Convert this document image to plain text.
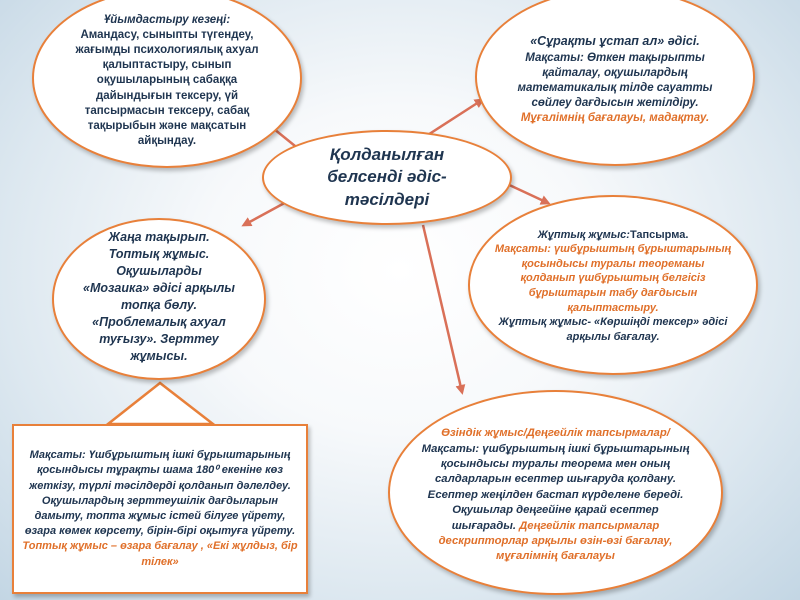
Ұйымдастыру кезеңі:
Амандасу, сыныпты түгендеу, жағымды психологиялық ахуал қалыптастыру, сынып оқушыларының сабаққа дайындығын тексеру, үй тапсырмасын тексеру, сабақ тақырыбын және мақсатын айқындау.
«Сұрақты ұстап ал» әдісі.
Мақсаты: Өткен тақырыпты қайталау, оқушылардың математикалық тілде сауатты сөйлеу дағдысын жетілдіру.
Мұғалімнің бағалауы, мадақтау.
Қолданылған
белсенді әдіс-
тәсілдері
Жаңа тақырып. Топтық жұмыс. Оқушыларды «Мозаика» әдісі арқылы топқа бөлу. «Проблемалық ахуал туғызу». Зерттеу жұмысы.
Жұптық жұмыс:Тапсырма.
Мақсаты: үшбұрыштың бұрыштарының қосындысы туралы теореманы қолданып үшбұрыштың белгісіз бұрыштарын табу дағдысын қалыптастыру.
Жұптық жұмыс- «Көршіңді тексер» әдісі арқылы бағалау.
Мақсаты: Үшбұрыштың ішкі бұрыштарының қосындысы тұрақты шама 180⁰ екеніне көз жеткізу, түрлі тәсілдерді қолданып дәлелдеу. Оқушылардың зерттеушілік дағдыларын дамыту, топта жұмыс істей білуге үйрету, өзара көмек көрсету, бірін-бірі оқытуға үйрету.
Топтық жұмыс – өзара бағалау , «Екі жұлдыз, бір тілек»
Өзіндік жұмыс/Деңгейлік тапсырмалар/
Мақсаты: үшбұрыштың ішкі бұрыштарының қосындысы туралы теорема мен оның салдарларын есептер шығаруда қолдану. Есептер жеңілден бастап күрделене береді. Оқушылар деңгейіне қарай есептер шығарады. Деңгейлік тапсырмалар дескрипторлар арқылы өзін-өзі бағалау, мұғалімнің бағалауы
